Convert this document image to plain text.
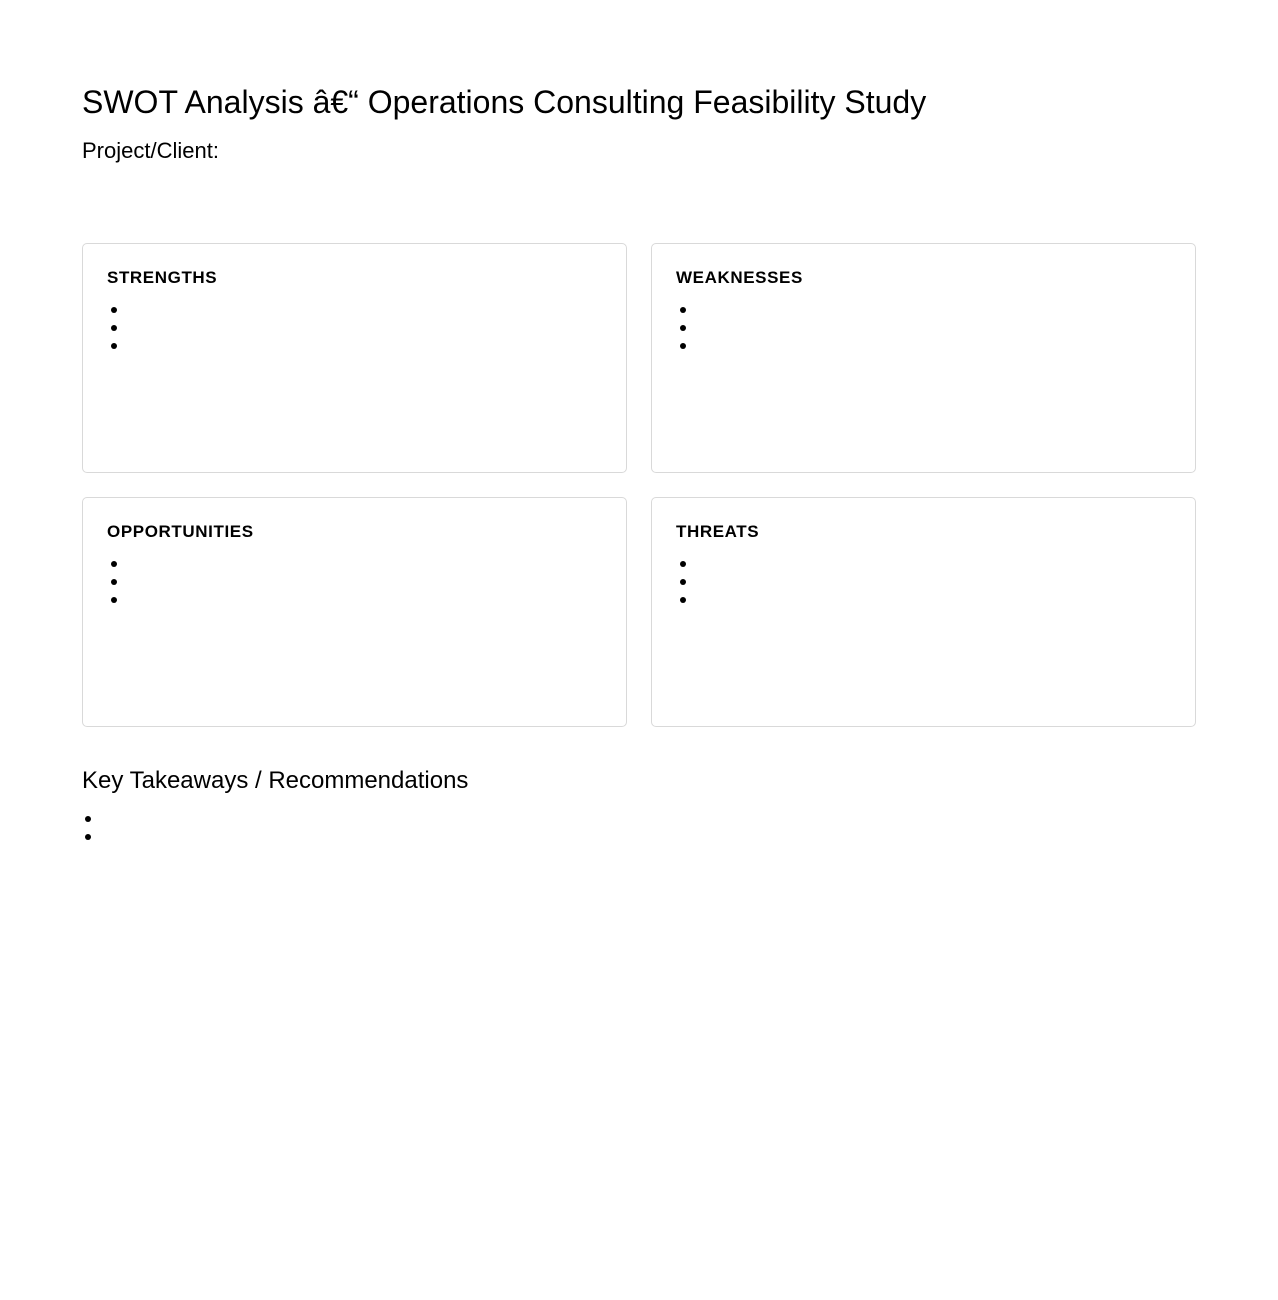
SWOT Analysis â€“ Operations Consulting Feasibility Study
Project/Client:
STRENGTHS	WEAKNESSES
OPPORTUNITIES	THREATS
Key Takeaways / Recommendations
